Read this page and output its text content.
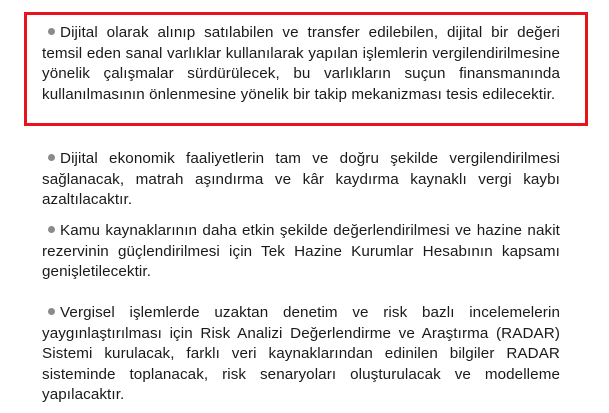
Dijital olarak alınıp satılabilen ve transfer edilebilen, dijital bir değeri temsil eden sanal varlıklar kullanılarak yapılan işlemlerin vergilendirilmesine yönelik çalışmalar sürdürülecek, bu varlıkların suçun finansmanında kullanılmasının önlenmesine yönelik bir takip mekanizması tesis edilecektir.
Dijital ekonomik faaliyetlerin tam ve doğru şekilde vergilendirilmesi sağlanacak, matrah aşındırma ve kâr kaydırma kaynaklı vergi kaybı azaltılacaktır.
Kamu kaynaklarının daha etkin şekilde değerlendirilmesi ve hazine nakit rezervinin güçlendirilmesi için Tek Hazine Kurumlar Hesabının kapsamı genişletilecektir.
Vergisel işlemlerde uzaktan denetim ve risk bazlı incelemelerin yaygınlaştırılması için Risk Analizi Değerlendirme ve Araştırma (RADAR) Sistemi kurulacak, farklı veri kaynaklarından edinilen bilgiler RADAR sisteminde toplanacak, risk senaryoları oluşturulacak ve modelleme yapılacaktır.
